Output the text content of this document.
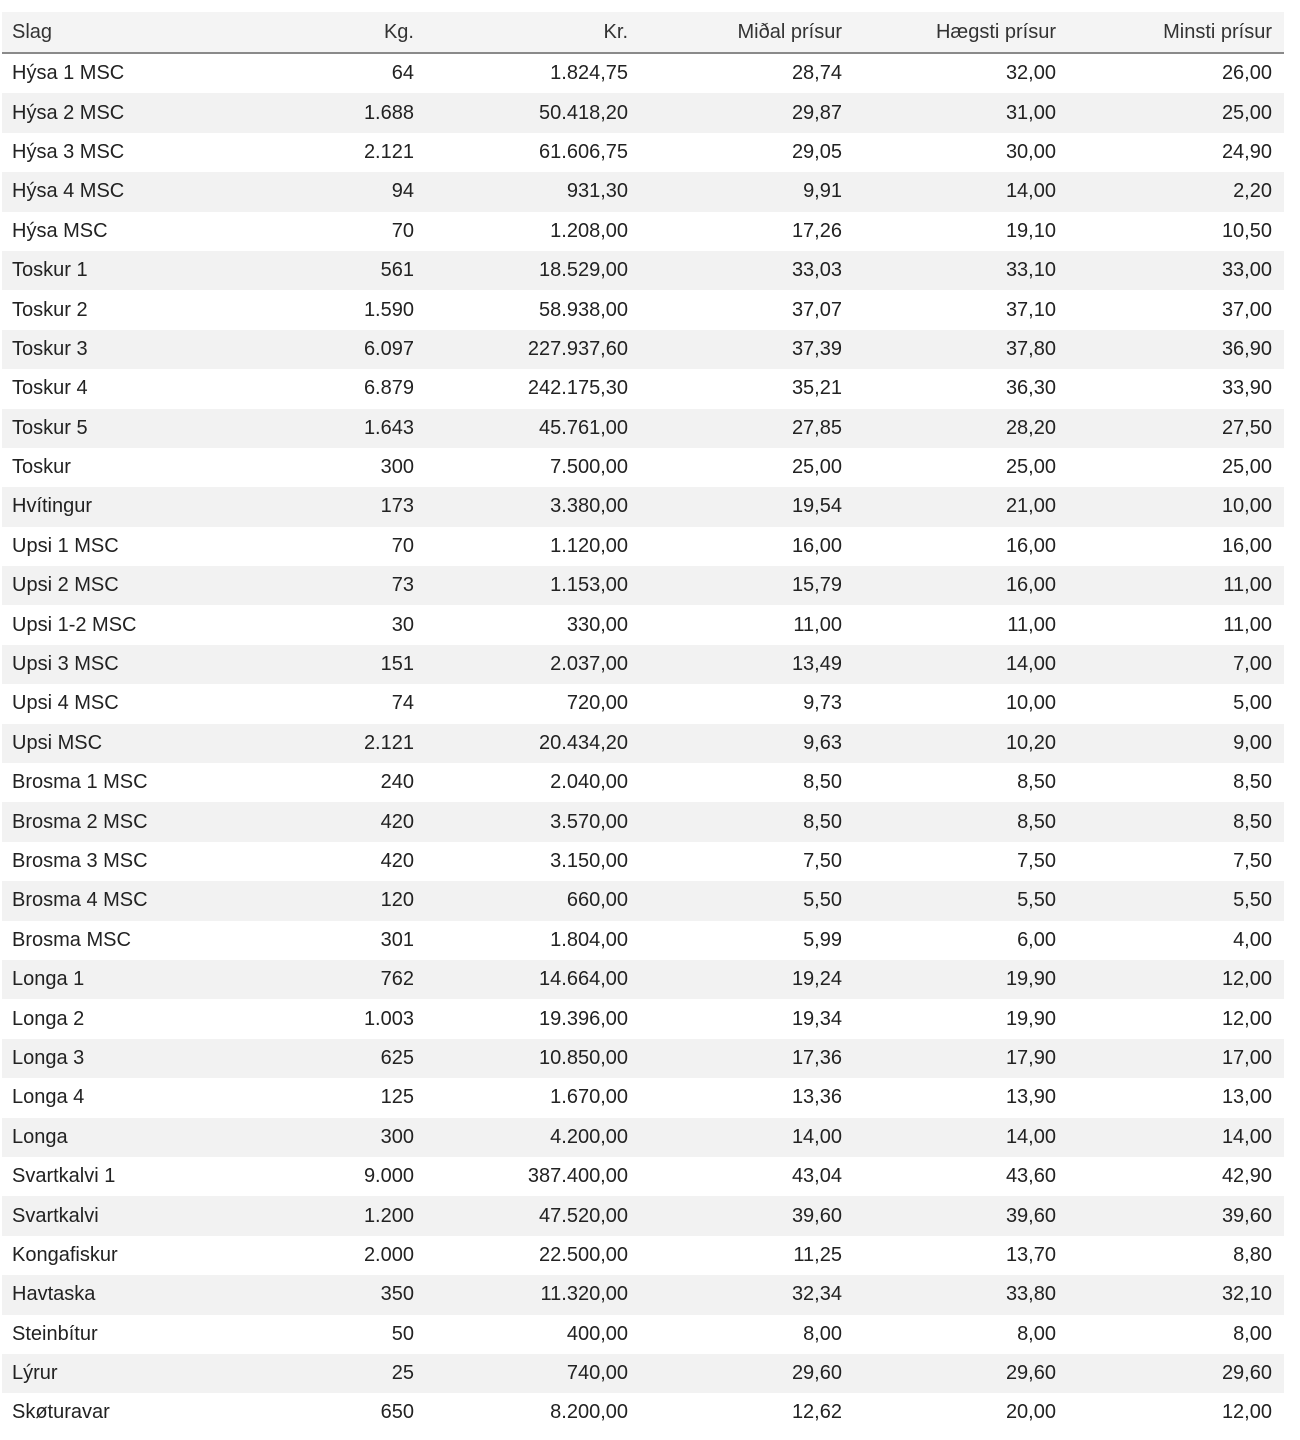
Slag	Kg.	Kr.	Miðal prísur	Hægsti prísur	Minsti prísur
Hýsa 1 MSC	64	1.824,75	28,74	32,00	26,00
Hýsa 2 MSC	1.688	50.418,20	29,87	31,00	25,00
Hýsa 3 MSC	2.121	61.606,75	29,05	30,00	24,90
Hýsa 4 MSC	94	931,30	9,91	14,00	2,20
Hýsa MSC	70	1.208,00	17,26	19,10	10,50
Toskur 1	561	18.529,00	33,03	33,10	33,00
Toskur 2	1.590	58.938,00	37,07	37,10	37,00
Toskur 3	6.097	227.937,60	37,39	37,80	36,90
Toskur 4	6.879	242.175,30	35,21	36,30	33,90
Toskur 5	1.643	45.761,00	27,85	28,20	27,50
Toskur	300	7.500,00	25,00	25,00	25,00
Hvítingur	173	3.380,00	19,54	21,00	10,00
Upsi 1 MSC	70	1.120,00	16,00	16,00	16,00
Upsi 2 MSC	73	1.153,00	15,79	16,00	11,00
Upsi 1-2 MSC	30	330,00	11,00	11,00	11,00
Upsi 3 MSC	151	2.037,00	13,49	14,00	7,00
Upsi 4 MSC	74	720,00	9,73	10,00	5,00
Upsi MSC	2.121	20.434,20	9,63	10,20	9,00
Brosma 1 MSC	240	2.040,00	8,50	8,50	8,50
Brosma 2 MSC	420	3.570,00	8,50	8,50	8,50
Brosma 3 MSC	420	3.150,00	7,50	7,50	7,50
Brosma 4 MSC	120	660,00	5,50	5,50	5,50
Brosma MSC	301	1.804,00	5,99	6,00	4,00
Longa 1	762	14.664,00	19,24	19,90	12,00
Longa 2	1.003	19.396,00	19,34	19,90	12,00
Longa 3	625	10.850,00	17,36	17,90	17,00
Longa 4	125	1.670,00	13,36	13,90	13,00
Longa	300	4.200,00	14,00	14,00	14,00
Svartkalvi 1	9.000	387.400,00	43,04	43,60	42,90
Svartkalvi	1.200	47.520,00	39,60	39,60	39,60
Kongafiskur	2.000	22.500,00	11,25	13,70	8,80
Havtaska	350	11.320,00	32,34	33,80	32,10
Steinbítur	50	400,00	8,00	8,00	8,00
Lýrur	25	740,00	29,60	29,60	29,60
Skøturavar	650	8.200,00	12,62	20,00	12,00
